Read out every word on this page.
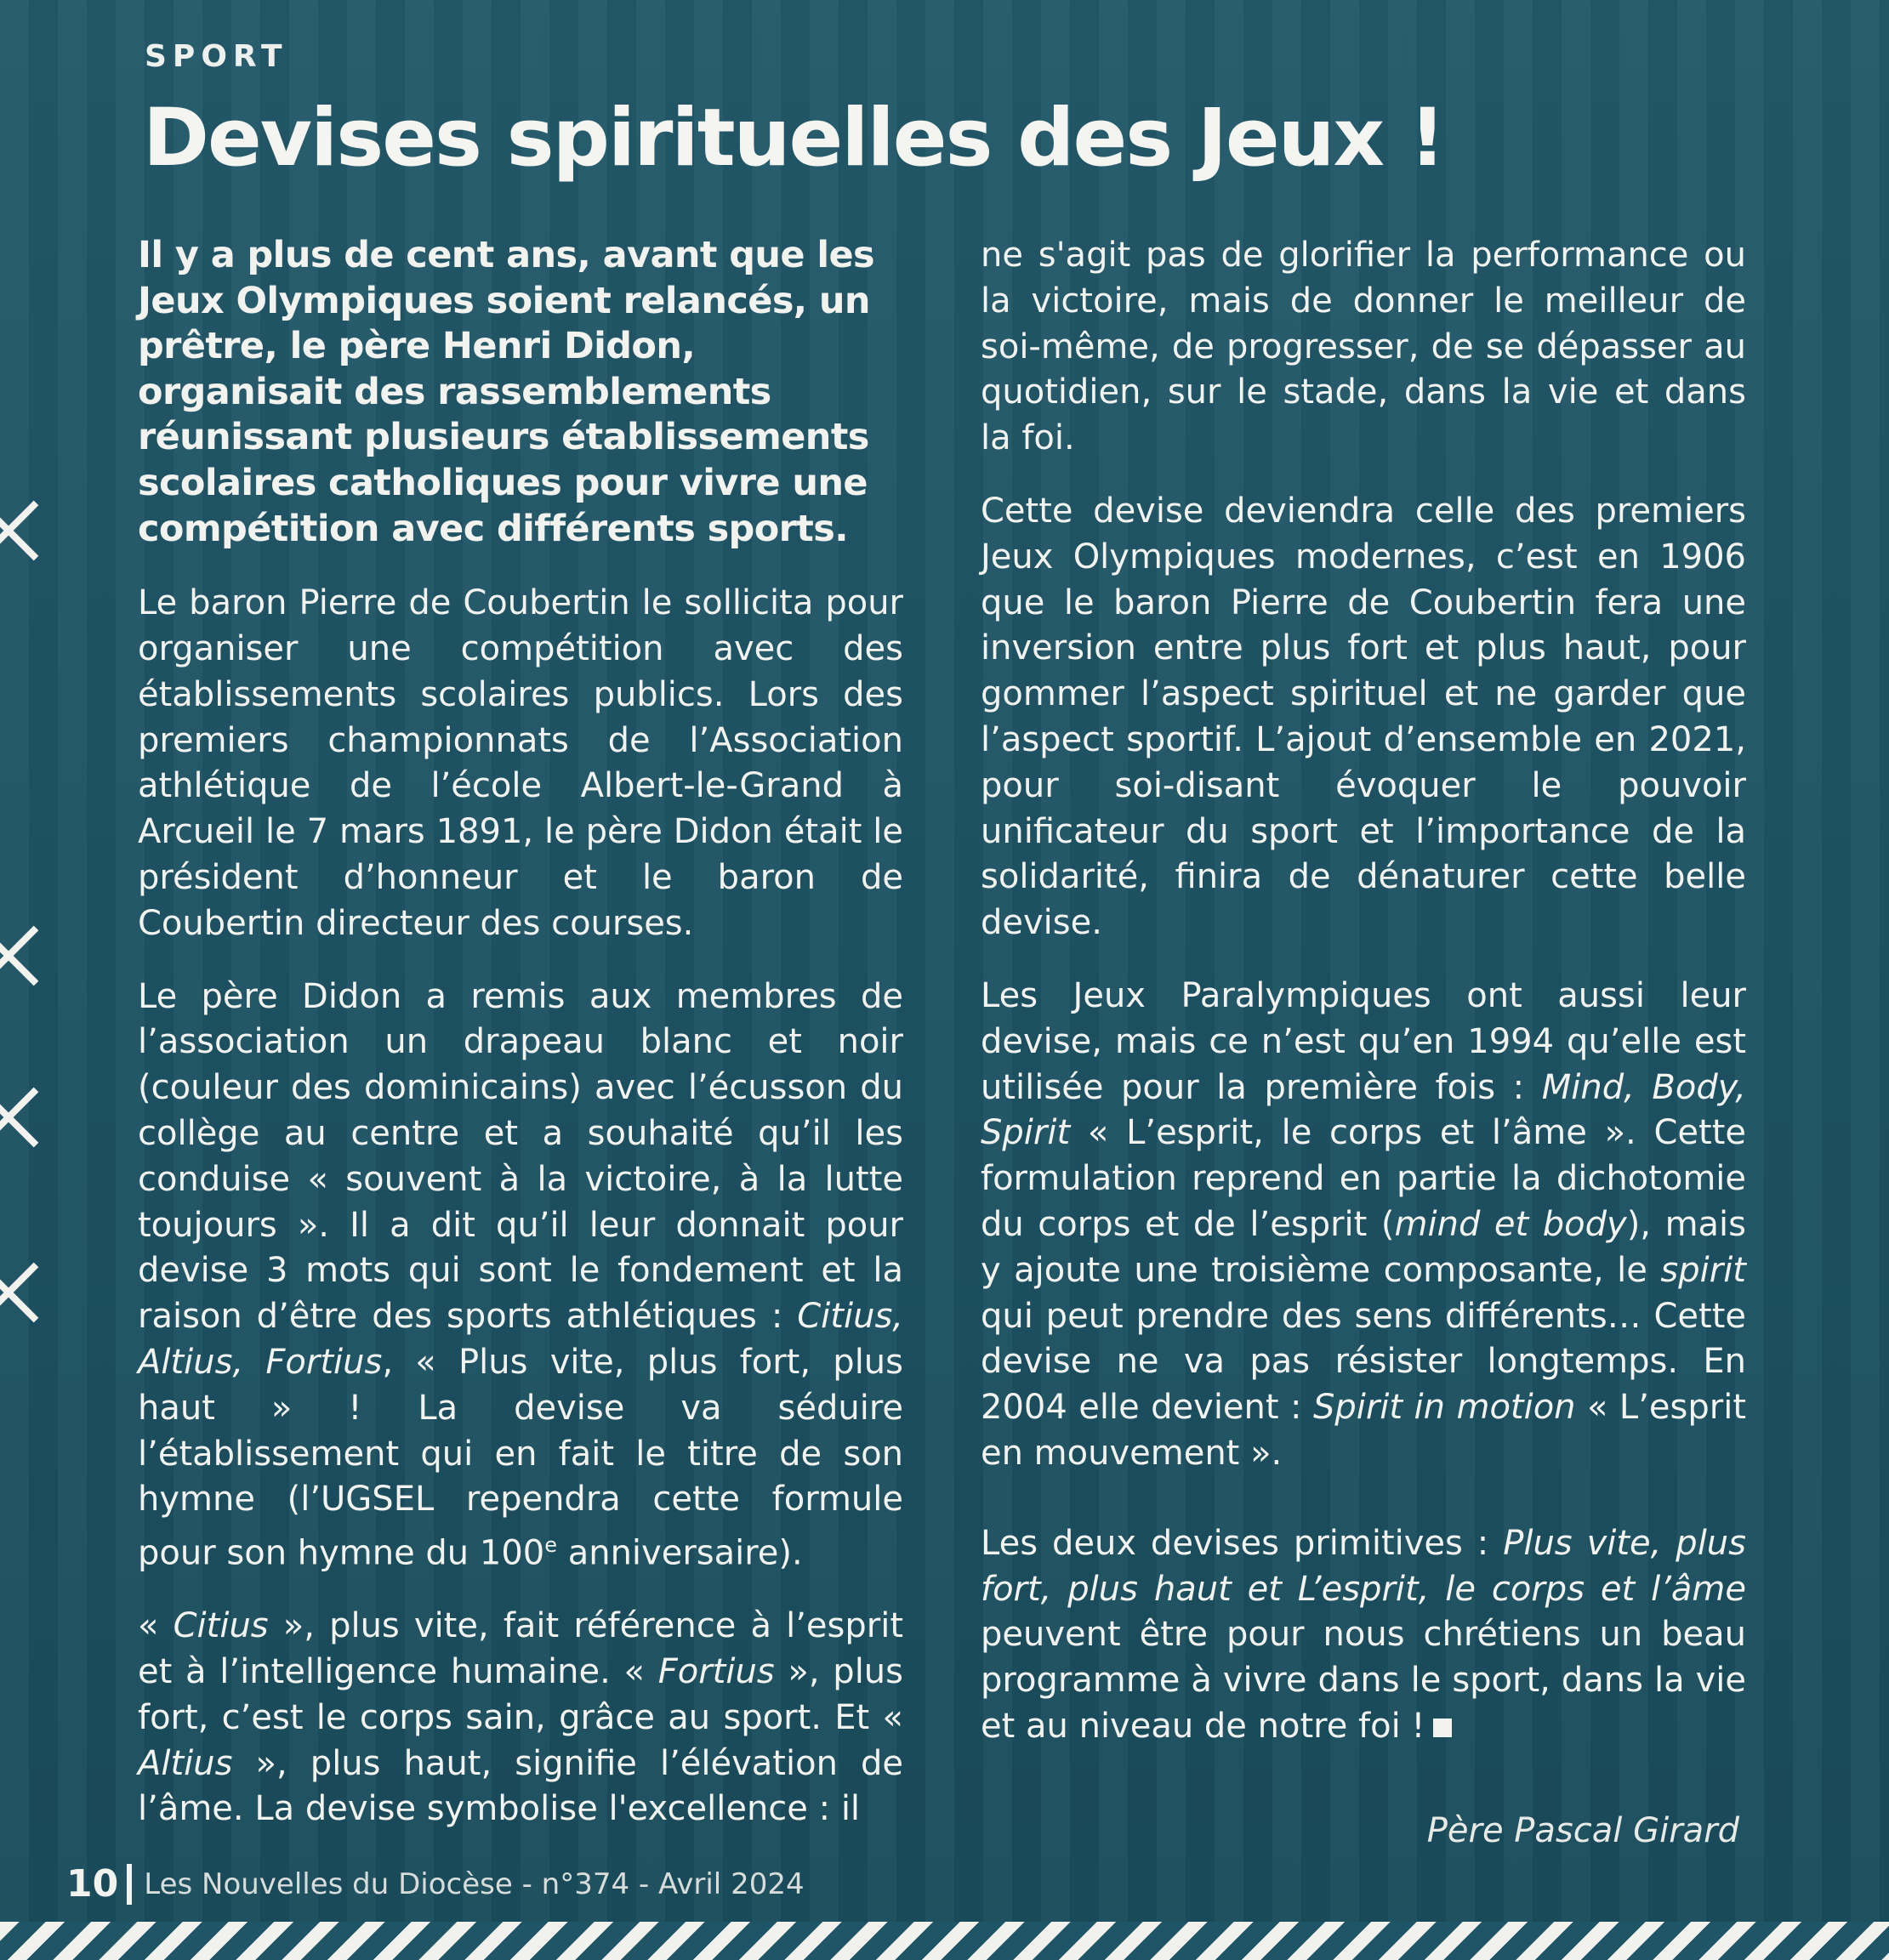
SPORT
Devises spirituelles des Jeux !

Il y a plus de cent ans, avant que les Jeux Olympiques soient relancés, un prêtre, le père Henri Didon, organisait des rassemblements réunissant plusieurs établissements scolaires catholiques pour vivre une compétition avec différents sports.

Le baron Pierre de Coubertin le sollicita pour organiser une compétition avec des établissements scolaires publics. Lors des premiers championnats de l’Association athlétique de l’école Albert-le-Grand à Arcueil le 7 mars 1891, le père Didon était le président d’honneur et le baron de Coubertin directeur des courses.

Le père Didon a remis aux membres de l’association un drapeau blanc et noir (couleur des dominicains) avec l’écusson du collège au centre et a souhaité qu’il les conduise « souvent à la victoire, à la lutte toujours ». Il a dit qu’il leur donnait pour devise 3 mots qui sont le fondement et la raison d’être des sports athlétiques : Citius, Altius, Fortius, « Plus vite, plus fort, plus haut » ! La devise va séduire l’établissement qui en fait le titre de son hymne (l’UGSEL rependra cette formule pour son hymne du 100e anniversaire).

« Citius », plus vite, fait référence à l’esprit et à l’intelligence humaine. « Fortius », plus fort, c’est le corps sain, grâce au sport. Et « Altius », plus haut, signifie l’élévation de l’âme. La devise symbolise l'excellence : il

ne s'agit pas de glorifier la performance ou la victoire, mais de donner le meilleur de soi-même, de progresser, de se dépasser au quotidien, sur le stade, dans la vie et dans la foi.

Cette devise deviendra celle des premiers Jeux Olympiques modernes, c’est en 1906 que le baron Pierre de Coubertin fera une inversion entre plus fort et plus haut, pour gommer l’aspect spirituel et ne garder que l’aspect sportif. L’ajout d’ensemble en 2021, pour soi-disant évoquer le pouvoir unificateur du sport et l’importance de la solidarité, finira de dénaturer cette belle devise.

Les Jeux Paralympiques ont aussi leur devise, mais ce n’est qu’en 1994 qu’elle est utilisée pour la première fois : Mind, Body, Spirit « L’esprit, le corps et l’âme ». Cette formulation reprend en partie la dichotomie du corps et de l’esprit (mind et body), mais y ajoute une troisième composante, le spirit qui peut prendre des sens différents… Cette devise ne va pas résister longtemps. En 2004 elle devient : Spirit in motion « L’esprit en mouvement ».

Les deux devises primitives : Plus vite, plus fort, plus haut et L’esprit, le corps et l’âme peuvent être pour nous chrétiens un beau programme à vivre dans le sport, dans la vie et au niveau de notre foi !

Père Pascal Girard
10 Les Nouvelles du Diocèse - n°374 - Avril 2024
